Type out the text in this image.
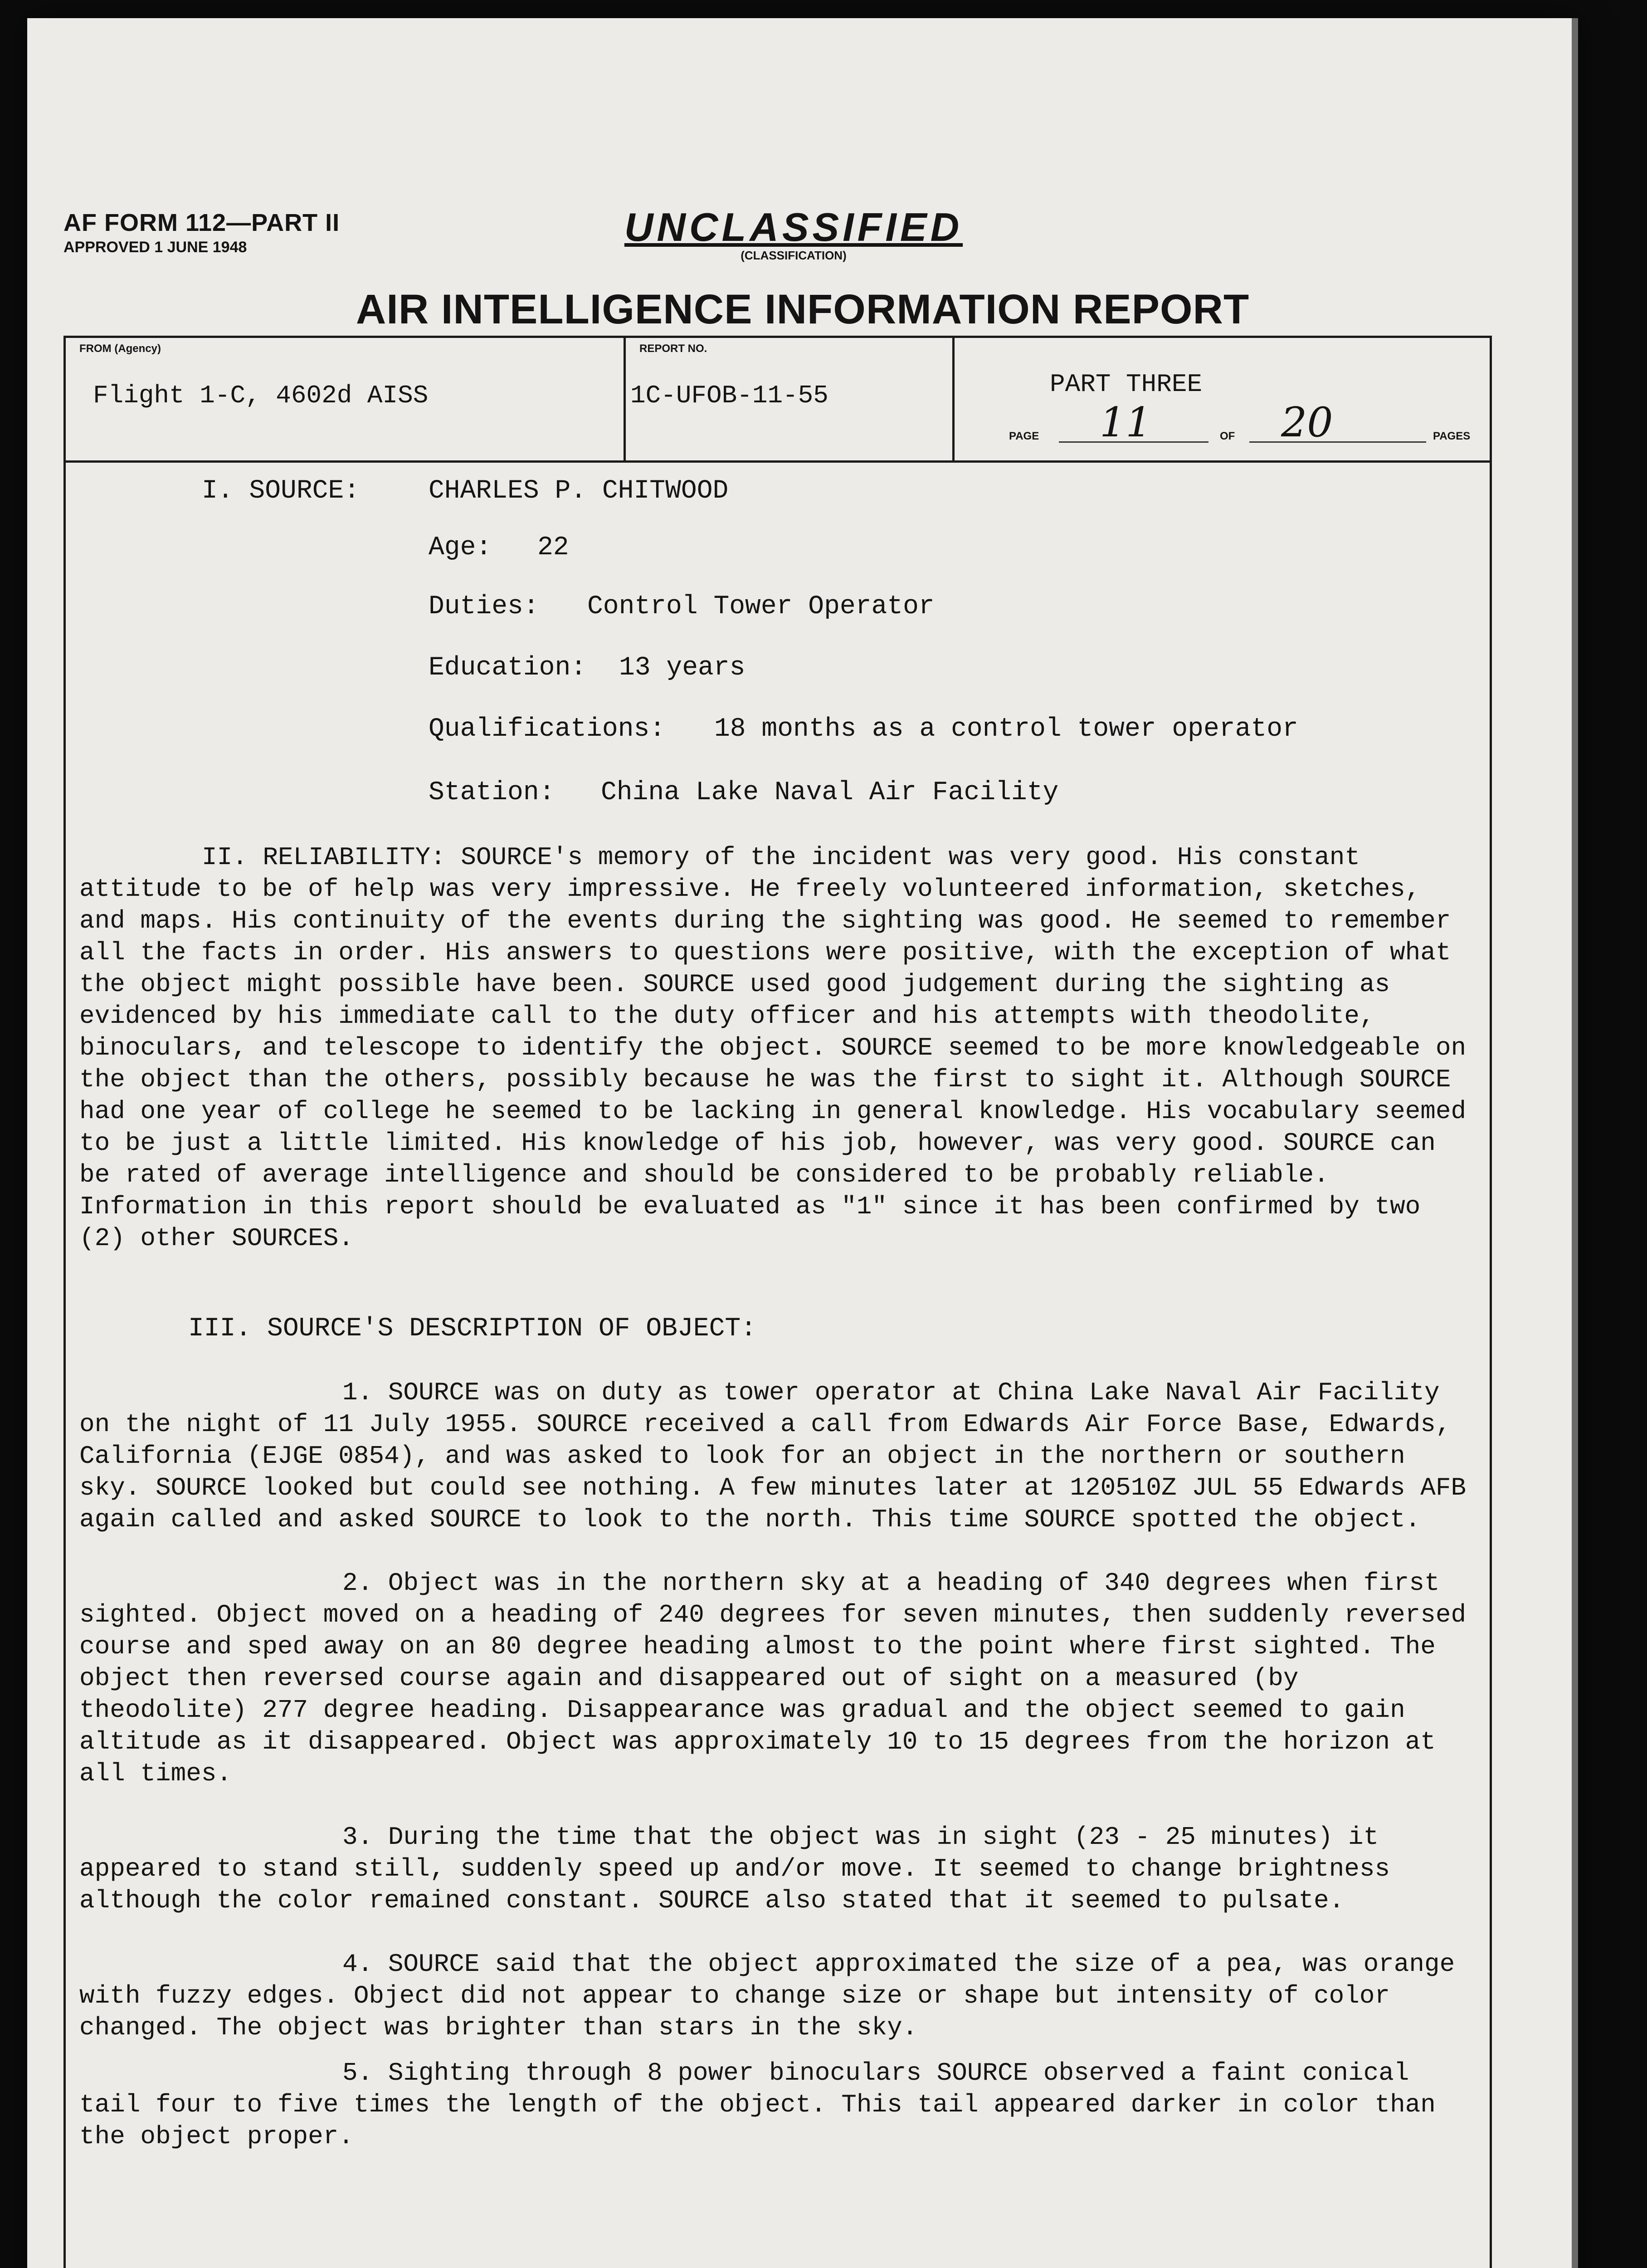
AF FORM 112—PART II
APPROVED 1 JUNE 1948	UNCLASSIFIED
(CLASSIFICATION)
AIR INTELLIGENCE INFORMATION REPORT
FROM (Agency)
Flight 1-C, 4602d AISS
REPORT NO.
1C-UFOB-11-55	PART THREE
PAGE 11	OF 20	PAGES
I. SOURCE:	CHARLES P. CHITWOOD
Age: 22
Duties: Control Tower Operator
Education: 13 years
Qualifications: 18 months as a control tower operator
Station: China Lake Naval Air Facility

II. RELIABILITY: SOURCE's memory of the incident was very good. His constant attitude to be of help was very impressive. He freely volunteered information, sketches, and maps. His continuity of the events during the sighting was good. He seemed to remember all the facts in order. His answers to questions were positive, with the exception of what the object might possible have been. SOURCE used good judgement during the sighting as evidenced by his immediate call to the duty officer and his attempts with theodolite, binoculars, and telescope to identify the object. SOURCE seemed to be more knowledgeable on the object than the others, possibly because he was the first to sight it. Although SOURCE had one year of college he seemed to be lacking in general knowledge. His vocabulary seemed to be just a little limited. His knowledge of his job, however, was very good. SOURCE can be rated of average intelligence and should be considered to be probably reliable. Information in this report should be evaluated as "1" since it has been confirmed by two (2) other SOURCES.

III. SOURCE'S DESCRIPTION OF OBJECT:

1. SOURCE was on duty as tower operator at China Lake Naval Air Facility on the night of 11 July 1955. SOURCE received a call from Edwards Air Force Base, Edwards, California (EJGE 0854), and was asked to look for an object in the northern or southern sky. SOURCE looked but could see nothing. A few minutes later at 120510Z JUL 55 Edwards AFB again called and asked SOURCE to look to the north. This time SOURCE spotted the object.

2. Object was in the northern sky at a heading of 340 degrees when first sighted. Object moved on a heading of 240 degrees for seven minutes, then suddenly reversed course and sped away on an 80 degree heading almost to the point where first sighted. The object then reversed course again and disappeared out of sight on a measured (by theodolite) 277 degree heading. Disappearance was gradual and the object seemed to gain altitude as it disappeared. Object was approximately 10 to 15 degrees from the horizon at all times.

3. During the time that the object was in sight (23 - 25 minutes) it appeared to stand still, suddenly speed up and/or move. It seemed to change brightness although the color remained constant. SOURCE also stated that it seemed to pulsate.

4. SOURCE said that the object approximated the size of a pea, was orange with fuzzy edges. Object did not appear to change size or shape but intensity of color changed. The object was brighter than stars in the sky.

5. Sighting through 8 power binoculars SOURCE observed a faint conical tail four to five times the length of the object. This tail appeared darker in color than the object proper.
